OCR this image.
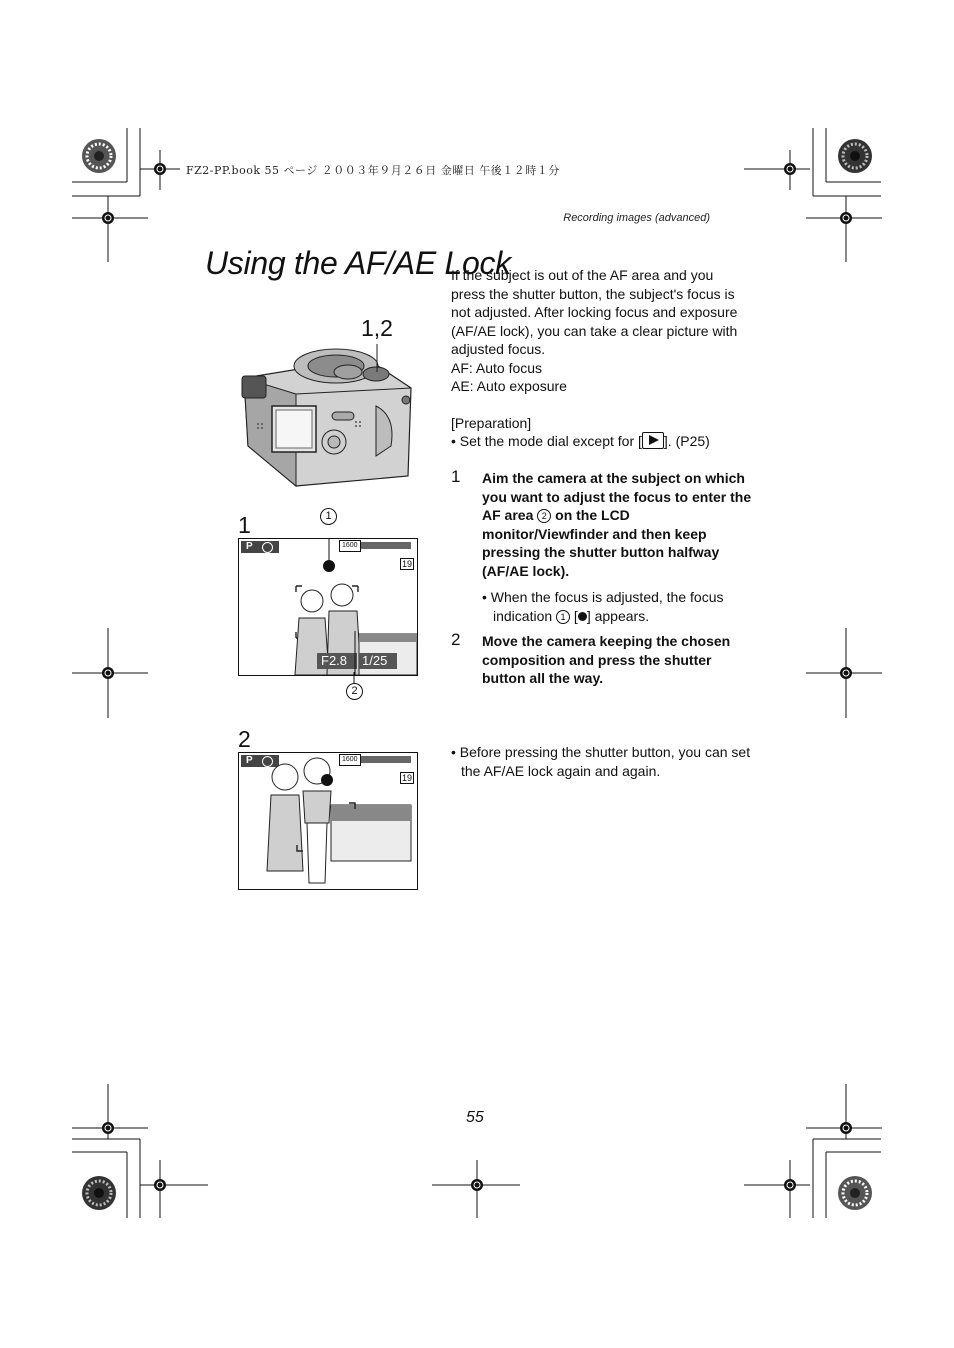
FZ2-PP.book 55 ページ ２００３年９月２６日 金曜日 午後１２時１分
Recording images (advanced)
Using the AF/AE Lock

If the subject is out of the AF area and you press the shutter button, the subject's focus is not adjusted. After locking focus and exposure (AF/AE lock), you can take a clear picture with adjusted focus.

AF: Auto focus

AE: Auto exposure

[Preparation]
• Set the mode dial except for [ ]. (P25)
1 Aim the camera at the subject on which you want to adjust the focus to enter the AF area 2 on the LCD monitor/Viewfinder and then keep pressing the shutter button halfway (AF/AE lock).
• When the focus is adjusted, the focus indication 1 [ ] appears.
2 Move the camera keeping the chosen composition and press the shutter button all the way.
• Before pressing the shutter button, you can set the AF/AE lock again and again.
1,2
1	1
2
P	1600
19
F2.8 1/25
2
P	1600
19
55
